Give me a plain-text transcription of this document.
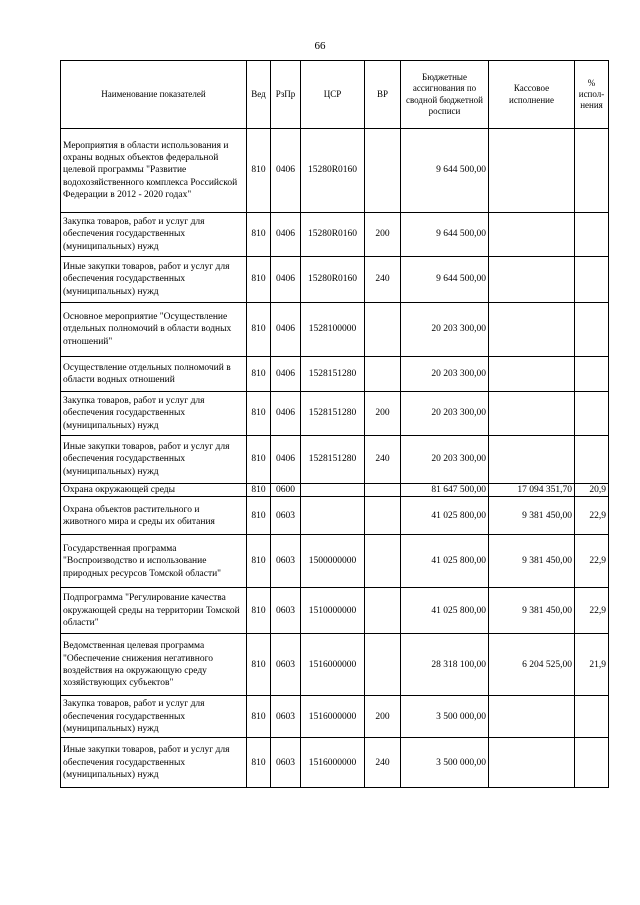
66
Наименование показателей	Вед	РзПр	ЦСР	ВР	Бюджетные ассигнования по сводной бюджетной росписи	Кассовое исполнение	% испол-нения
Мероприятия в области использования и охраны водных объектов федеральной целевой программы "Развитие водохозяйственного комплекса Российской Федерации в 2012 - 2020 годах"	810	0406	15280R0160		9 644 500,00		
Закупка товаров, работ и услуг для обеспечения государственных (муниципальных) нужд	810	0406	15280R0160	200	9 644 500,00		
Иные закупки товаров, работ и услуг для обеспечения государственных (муниципальных) нужд	810	0406	15280R0160	240	9 644 500,00		
Основное мероприятие "Осуществление отдельных полномочий в области водных отношений"	810	0406	1528100000		20 203 300,00		
Осуществление отдельных полномочий в области водных отношений	810	0406	1528151280		20 203 300,00		
Закупка товаров, работ и услуг для обеспечения государственных (муниципальных) нужд	810	0406	1528151280	200	20 203 300,00		
Иные закупки товаров, работ и услуг для обеспечения государственных (муниципальных) нужд	810	0406	1528151280	240	20 203 300,00		
Охрана окружающей среды	810	0600			81 647 500,00	17 094 351,70	20,9
Охрана объектов растительного и животного мира и среды их обитания	810	0603			41 025 800,00	9 381 450,00	22,9
Государственная программа "Воспроизводство и использование природных ресурсов Томской области"	810	0603	1500000000		41 025 800,00	9 381 450,00	22,9
Подпрограмма "Регулирование качества окружающей среды на территории Томской области"	810	0603	1510000000		41 025 800,00	9 381 450,00	22,9
Ведомственная целевая программа "Обеспечение снижения негативного воздействия на окружающую среду хозяйствующих субъектов"	810	0603	1516000000		28 318 100,00	6 204 525,00	21,9
Закупка товаров, работ и услуг для обеспечения государственных (муниципальных) нужд	810	0603	1516000000	200	3 500 000,00		
Иные закупки товаров, работ и услуг для обеспечения государственных (муниципальных) нужд	810	0603	1516000000	240	3 500 000,00		
